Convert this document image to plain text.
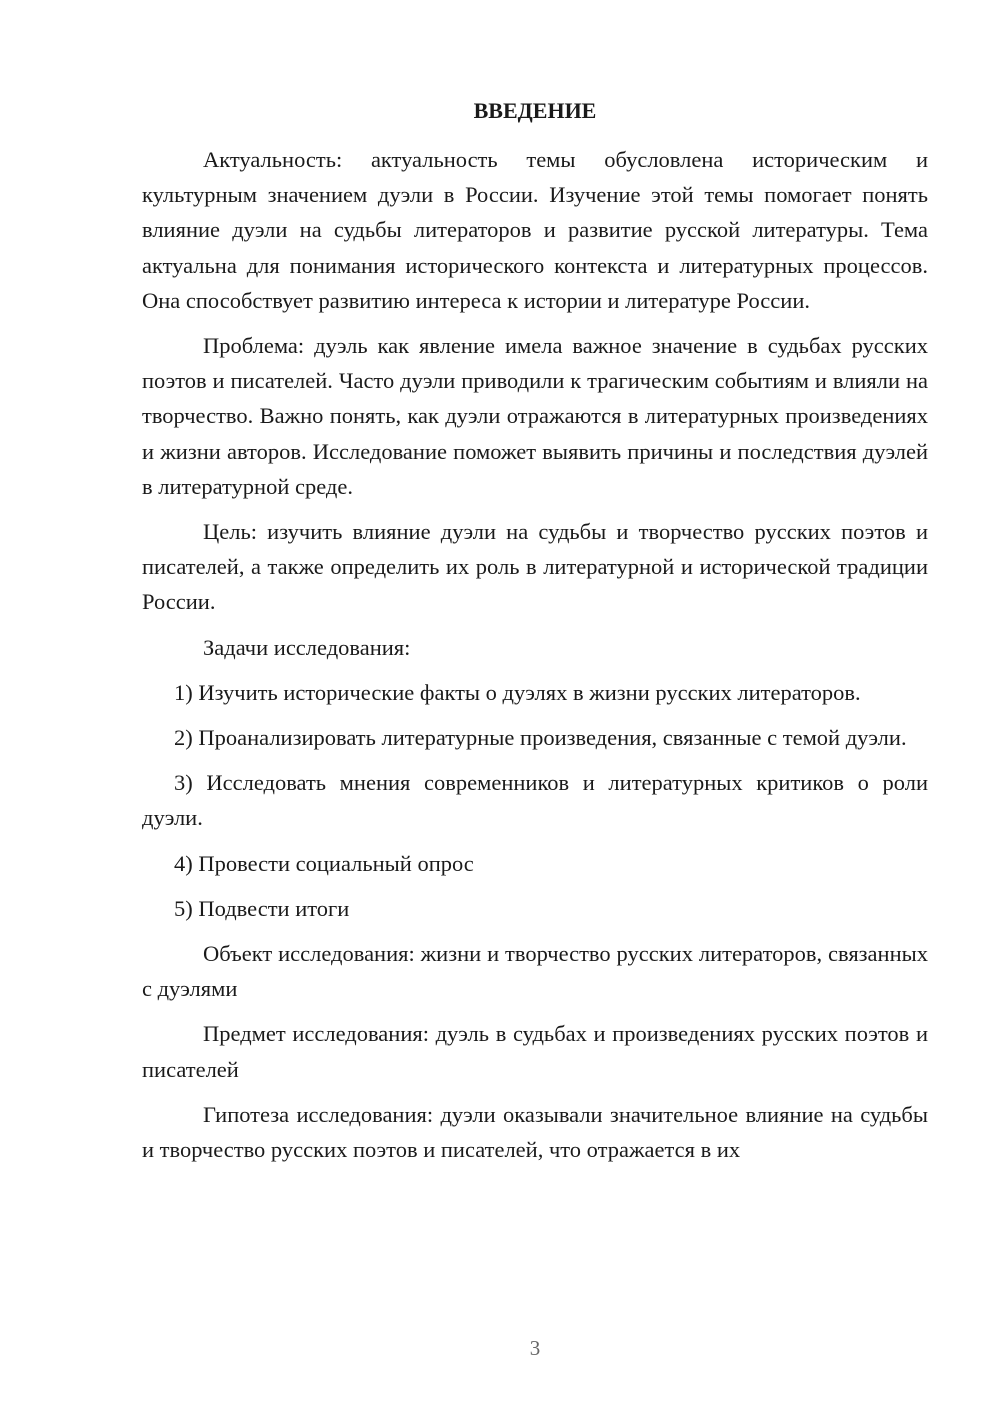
ВВЕДЕНИЕ

Актуальность: актуальность темы обусловлена историческим и культурным значением дуэли в России. Изучение этой темы помогает понять влияние дуэли на судьбы литераторов и развитие русской литературы. Тема актуальна для понимания исторического контекста и литературных процессов. Она способствует развитию интереса к истории и литературе России.

Проблема: дуэль как явление имела важное значение в судьбах русских поэтов и писателей. Часто дуэли приводили к трагическим событиям и влияли на творчество. Важно понять, как дуэли отражаются в литературных произведениях и жизни авторов. Исследование поможет выявить причины и последствия дуэлей в литературной среде.

Цель: изучить влияние дуэли на судьбы и творчество русских поэтов и писателей, а также определить их роль в литературной и исторической традиции России.

Задачи исследования:

1) Изучить исторические факты о дуэлях в жизни русских литераторов.

2) Проанализировать литературные произведения, связанные с темой дуэли.

3) Исследовать мнения современников и литературных критиков о роли дуэли.

4) Провести социальный опрос

5) Подвести итоги

Объект исследования: жизни и творчество русских литераторов, связанных с дуэлями

Предмет исследования: дуэль в судьбах и произведениях русских поэтов и писателей

Гипотеза исследования: дуэли оказывали значительное влияние на судьбы и творчество русских поэтов и писателей, что отражается в их

3
